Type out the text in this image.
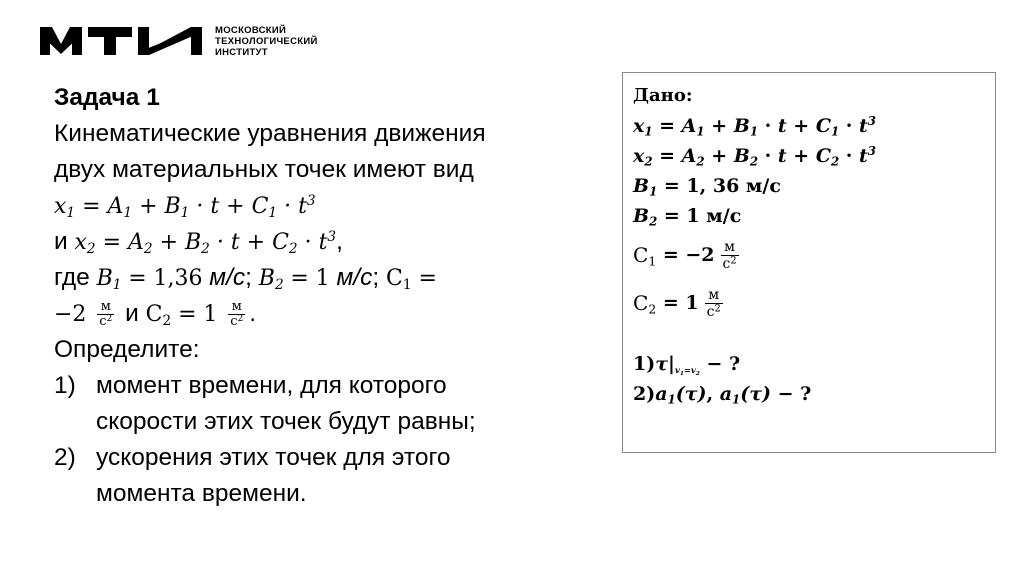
МОСКОВСКИЙ
ТЕХНОЛОГИЧЕСКИЙ
ИНСТИТУТ
Задача 1
Кинематические уравнения движения
двух материальных точек имеют вид
$x_1 = A_1 + B_1 \cdot t + C_1 \cdot t^3$
и $x_2 = A_2 + B_2 \cdot t + C_2 \cdot t^3$,
где $B_1 = 1,36$ м/с; $B_2 = 1$ м/с; $C_1$ =
$-2 \frac{м}{с^2}$ и $C_2 = 1 \frac{м}{с^2}$ .
Определите:
1) момент времени, для которого
скорости этих точек будут равны;
2) ускорения этих точек для этого
момента времени.
Дано:
$x_1 = A_1 + B_1 \cdot t + C_1 \cdot t^3$
$x_2 = A_2 + B_2 \cdot t + C_2 \cdot t^3$
$B_1 = 1$, 36 м/с
$B_2 = 1$ м/с
$C_1$
= $-2 \frac{м}{с^2}$
$C_2$
= $1 \frac{м}{с^2}$
$1)\tau|_{v_1=v_2}$ − ?
$2)a_1(\tau)$, $a_1(\tau)$ − ?
